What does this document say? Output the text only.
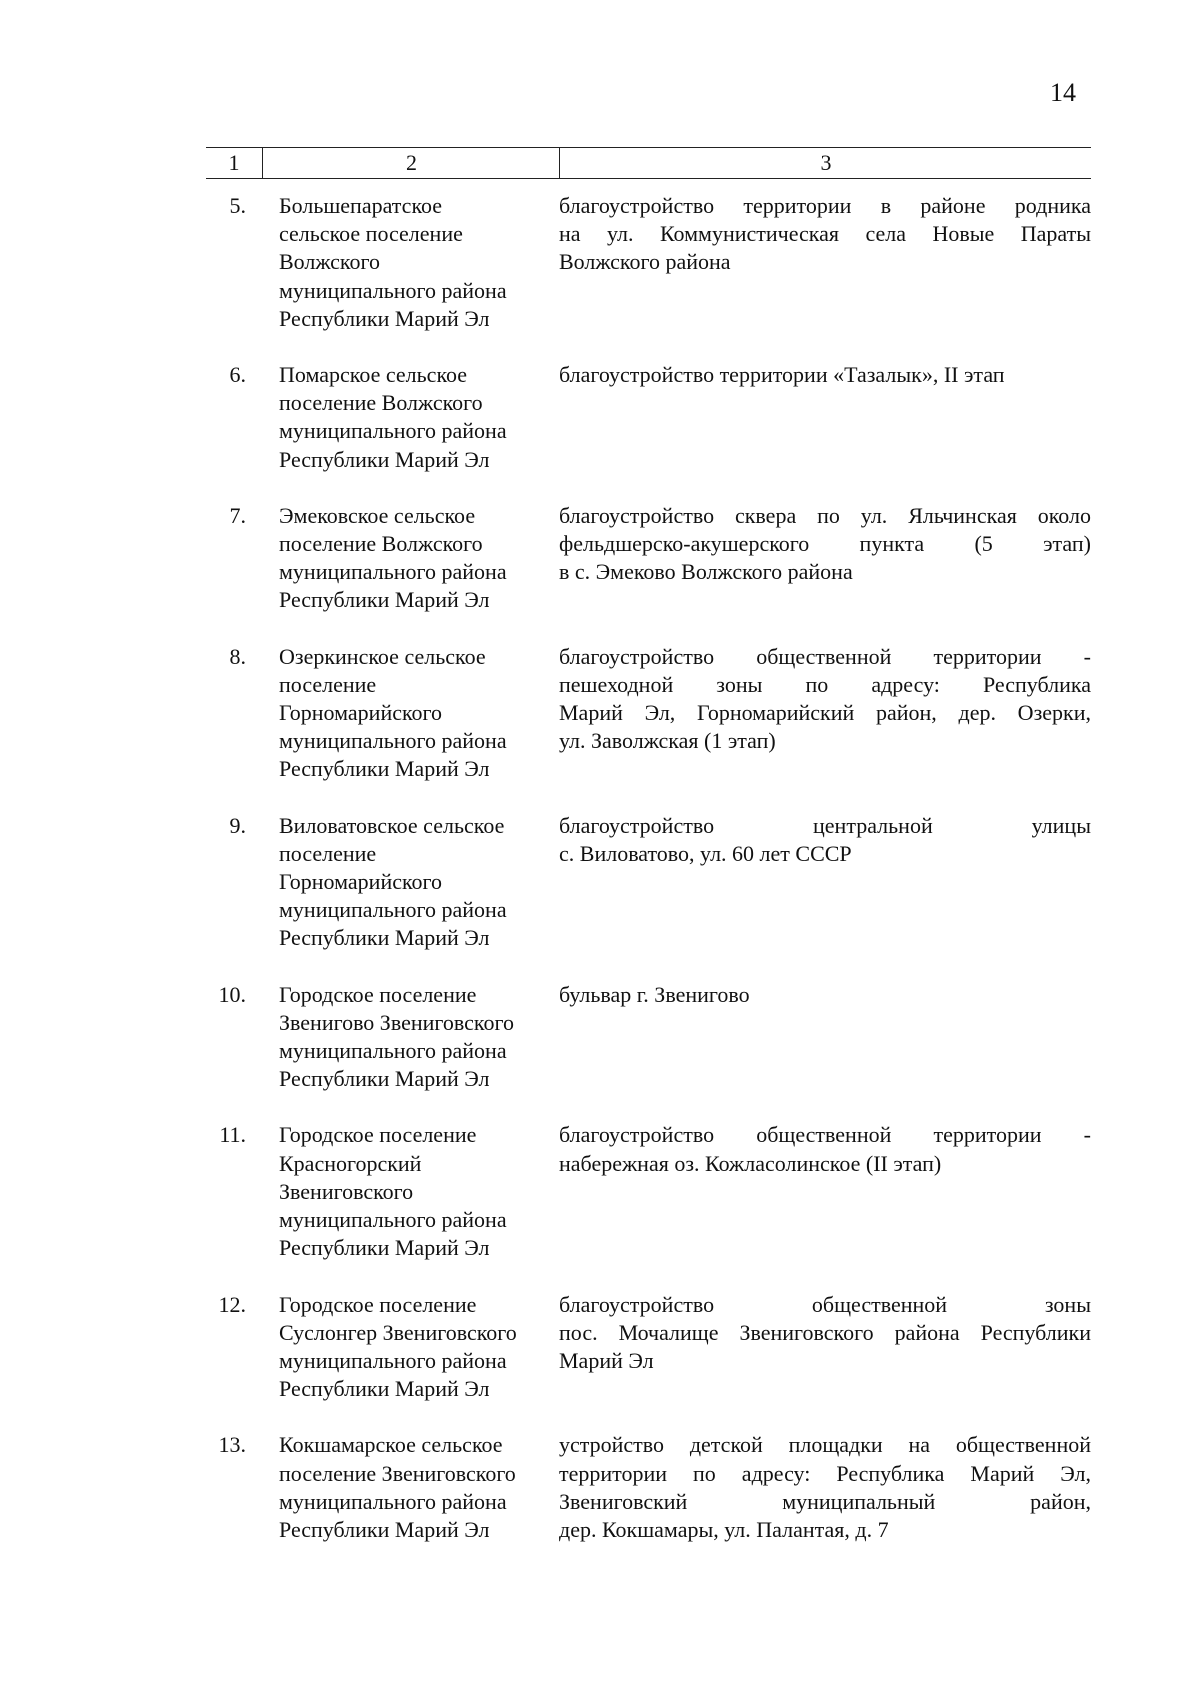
14
1	2	3
5. Большепаратское
сельское поселение
Волжского
муниципального района
Республики Марий Эл
благоустройство территории в районе родника
на ул. Коммунистическая села Новые Параты
Волжского района
6. Помарское сельское
поселение Волжского
муниципального района
Республики Марий Эл
благоустройство территории «Тазалык», II этап
7. Эмековское сельское
поселение Волжского
муниципального района
Республики Марий Эл
благоустройство сквера по ул. Яльчинская около
фельдшерско-акушерского пункта (5 этап)
в с. Эмеково Волжского района
8. Озеркинское сельское
поселение
Горномарийского
муниципального района
Республики Марий Эл
благоустройство общественной территории -
пешеходной зоны по адресу: Республика
Марий Эл, Горномарийский район, дер. Озерки,
ул. Заволжская (1 этап)
9. Виловатовское сельское
поселение
Горномарийского
муниципального района
Республики Марий Эл
благоустройство центральной улицы
с. Виловатово, ул. 60 лет СССР
10. Городское поселение
Звенигово Звениговского
муниципального района
Республики Марий Эл
бульвар г. Звенигово
11. Городское поселение
Красногорский
Звениговского
муниципального района
Республики Марий Эл
благоустройство общественной территории -
набережная оз. Кожласолинское (II этап)
12. Городское поселение
Суслонгер Звениговского
муниципального района
Республики Марий Эл
благоустройство общественной зоны
пос. Мочалище Звениговского района Республики
Марий Эл
13. Кокшамарское сельское
поселение Звениговского
муниципального района
Республики Марий Эл
устройство детской площадки на общественной
территории по адресу: Республика Марий Эл,
Звениговский муниципальный район,
дер. Кокшамары, ул. Палантая, д. 7
